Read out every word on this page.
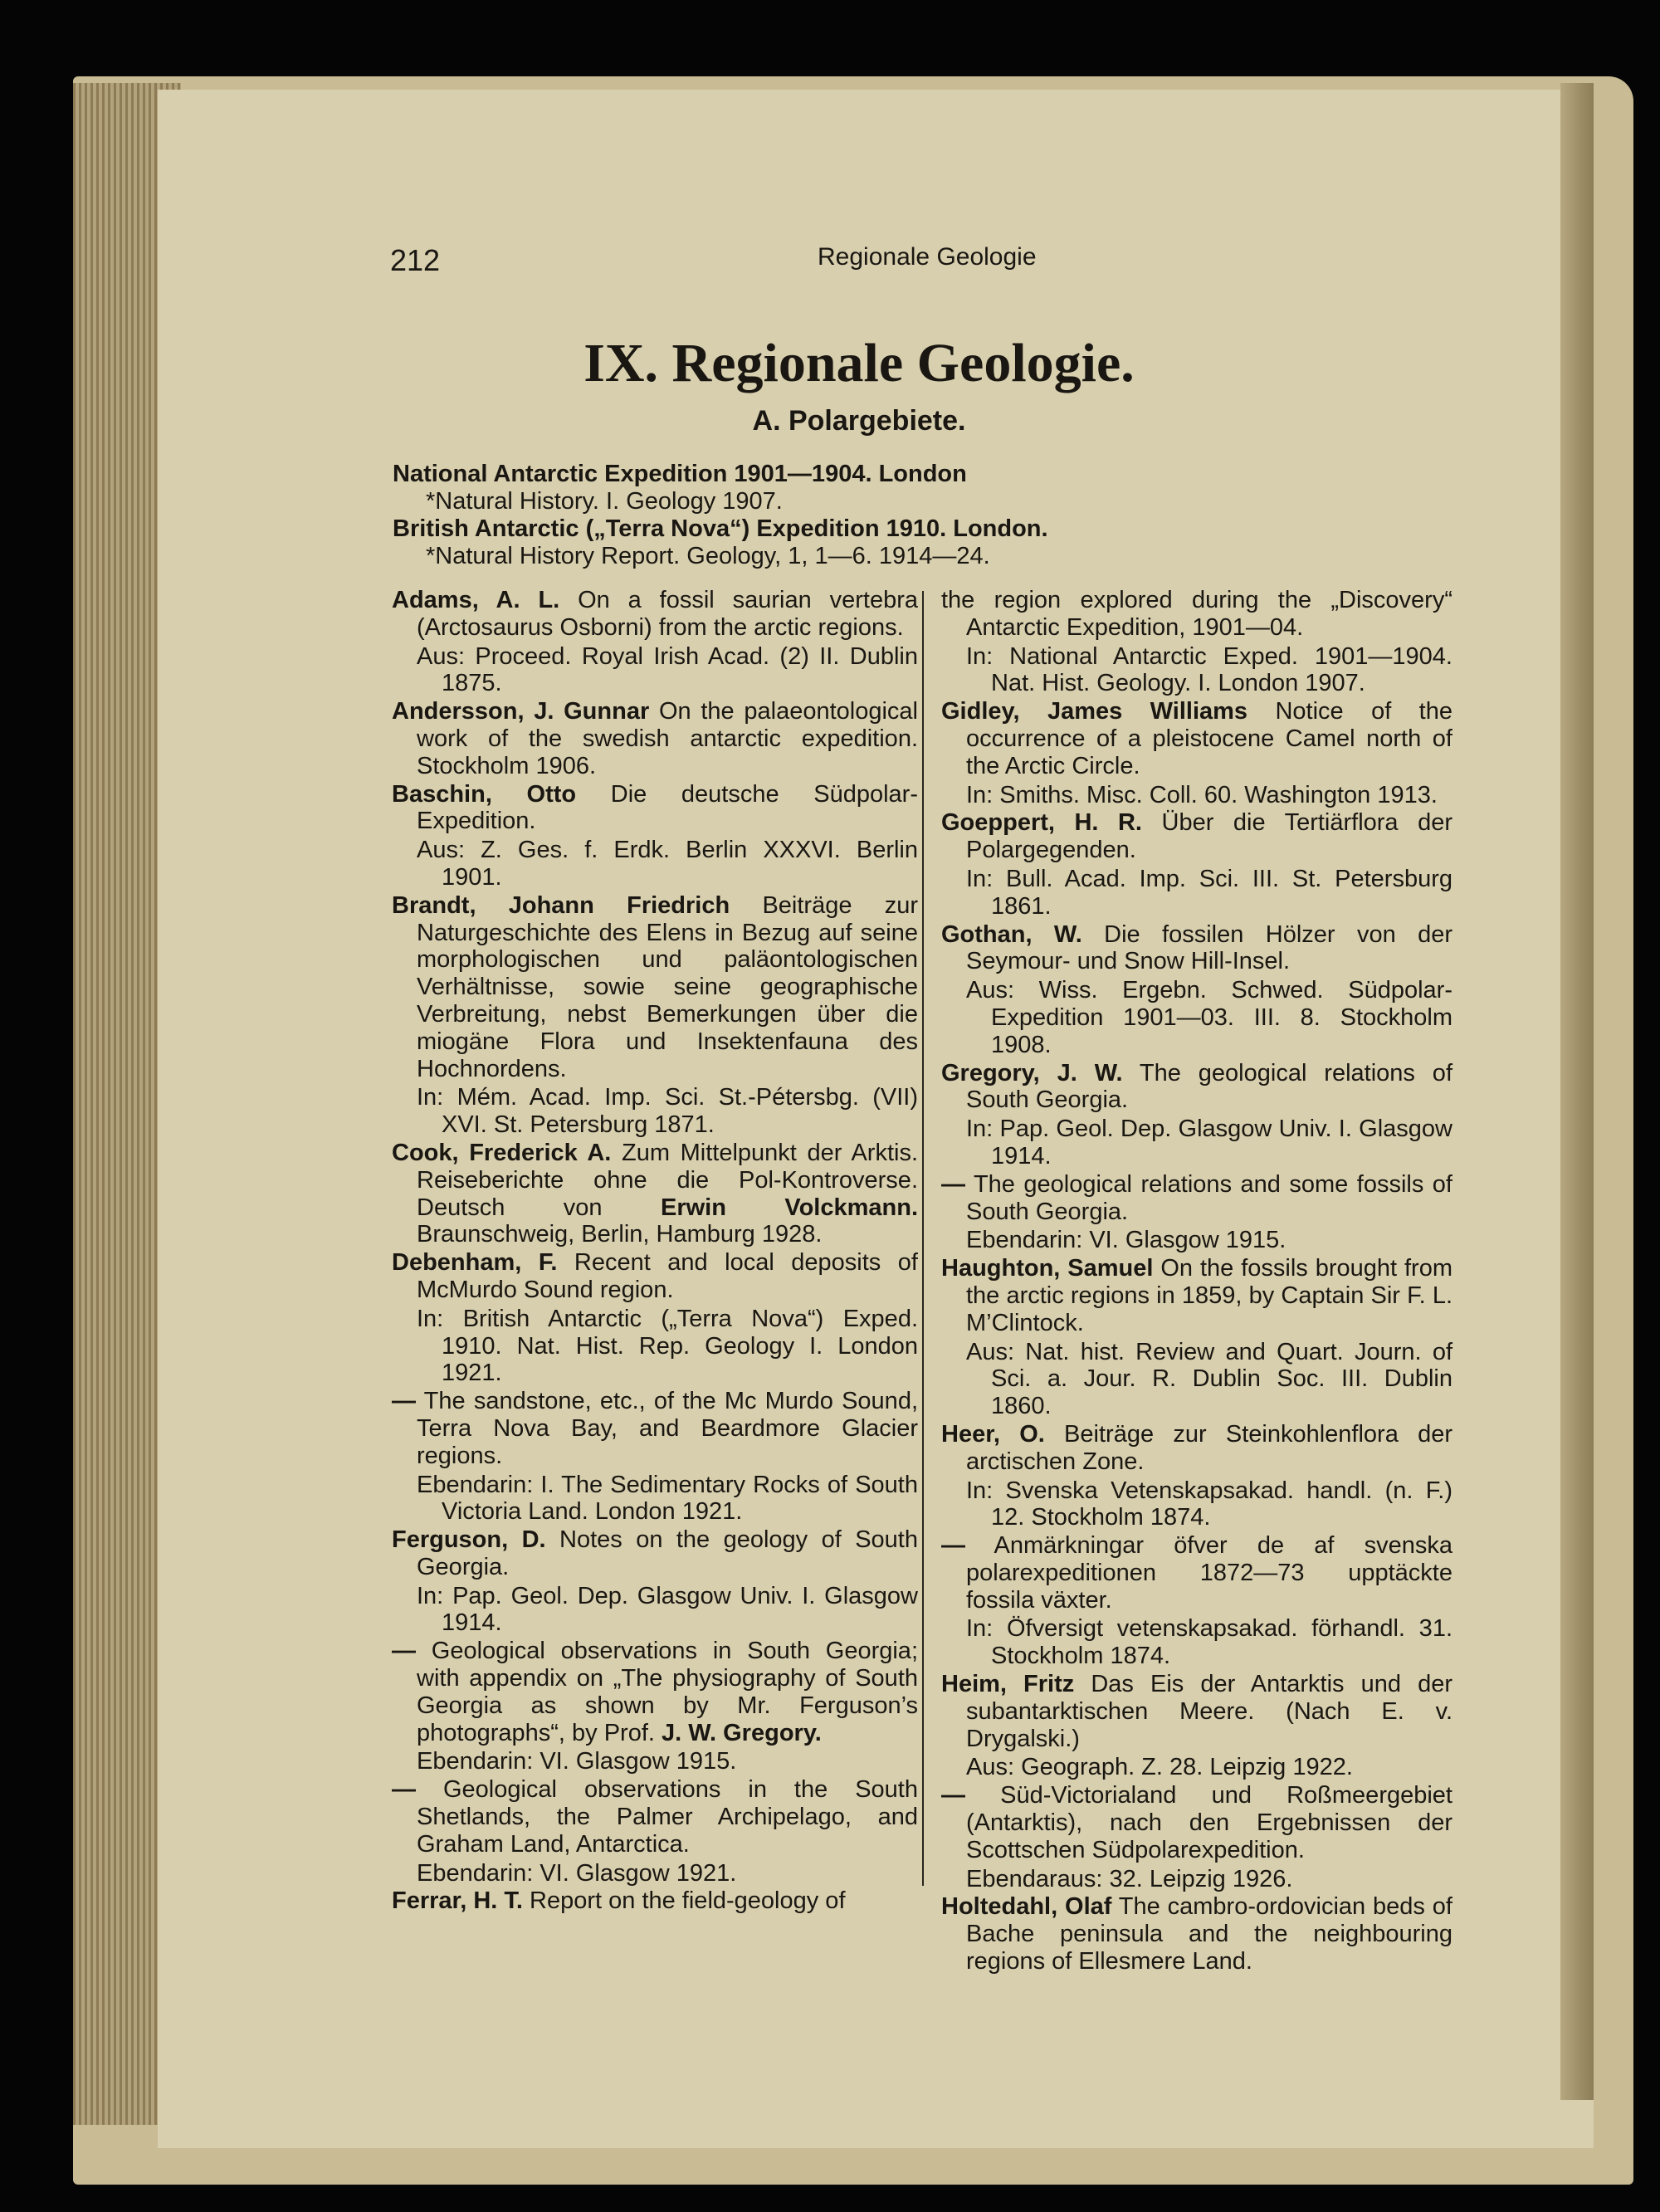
212	Regionale Geologie
IX. Regionale Geologie.
A. Polargebiete.
National Antarctic Expedition 1901—1904. London
*Natural History. I. Geology 1907.
British Antarctic („Terra Nova“) Expedition 1910. London.
*Natural History Report. Geology, 1, 1—6. 1914—24.

Adams, A. L. On a fossil saurian vertebra (Arctosaurus Osborni) from the arctic regions.

Aus: Proceed. Royal Irish Acad. (2) II. Dublin 1875.

Andersson, J. Gunnar On the palaeontological work of the swedish antarctic expedition. Stockholm 1906.

Baschin, Otto Die deutsche Südpolar-Expedition.

Aus: Z. Ges. f. Erdk. Berlin XXXVI. Berlin 1901.

Brandt, Johann Friedrich Beiträge zur Naturgeschichte des Elens in Bezug auf seine morphologischen und paläontologischen Verhältnisse, sowie seine geographische Verbreitung, nebst Bemerkungen über die miogäne Flora und Insektenfauna des Hochnordens.

In: Mém. Acad. Imp. Sci. St.-Pétersbg. (VII) XVI. St. Petersburg 1871.

Cook, Frederick A. Zum Mittelpunkt der Arktis. Reiseberichte ohne die Pol-Kontroverse. Deutsch von Erwin Volckmann. Braunschweig, Berlin, Hamburg 1928.

Debenham, F. Recent and local deposits of McMurdo Sound region.

In: British Antarctic („Terra Nova“) Exped. 1910. Nat. Hist. Rep. Geology I. London 1921.

— The sandstone, etc., of the Mc Murdo Sound, Terra Nova Bay, and Beardmore Glacier regions.

Ebendarin: I. The Sedimentary Rocks of South Victoria Land. London 1921.

Ferguson, D. Notes on the geology of South Georgia.

In: Pap. Geol. Dep. Glasgow Univ. I. Glasgow 1914.

— Geological observations in South Georgia; with appendix on „The physiography of South Georgia as shown by Mr. Ferguson’s photographs“, by Prof. J. W. Gregory.

Ebendarin: VI. Glasgow 1915.

— Geological observations in the South Shetlands, the Palmer Archipelago, and Graham Land, Antarctica.

Ebendarin: VI. Glasgow 1921.

Ferrar, H. T. Report on the field-geology of

the region explored during the „Discovery“ Antarctic Expedition, 1901—04.

In: National Antarctic Exped. 1901—1904. Nat. Hist. Geology. I. London 1907.

Gidley, James Williams Notice of the occurrence of a pleistocene Camel north of the Arctic Circle.

In: Smiths. Misc. Coll. 60. Washington 1913.

Goeppert, H. R. Über die Tertiärflora der Polargegenden.

In: Bull. Acad. Imp. Sci. III. St. Petersburg 1861.

Gothan, W. Die fossilen Hölzer von der Seymour- und Snow Hill-Insel.

Aus: Wiss. Ergebn. Schwed. Südpolar-Expedition 1901—03. III. 8. Stockholm 1908.

Gregory, J. W. The geological relations of South Georgia.

In: Pap. Geol. Dep. Glasgow Univ. I. Glasgow 1914.

— The geological relations and some fossils of South Georgia.

Ebendarin: VI. Glasgow 1915.

Haughton, Samuel On the fossils brought from the arctic regions in 1859, by Captain Sir F. L. M’Clintock.

Aus: Nat. hist. Review and Quart. Journ. of Sci. a. Jour. R. Dublin Soc. III. Dublin 1860.

Heer, O. Beiträge zur Steinkohlenflora der arctischen Zone.

In: Svenska Vetenskapsakad. handl. (n. F.) 12. Stockholm 1874.

— Anmärkningar öfver de af svenska polarexpeditionen 1872—73 upptäckte fossila växter.

In: Öfversigt vetenskapsakad. förhandl. 31. Stockholm 1874.

Heim, Fritz Das Eis der Antarktis und der subantarktischen Meere. (Nach E. v. Drygalski.)

Aus: Geograph. Z. 28. Leipzig 1922.

— Süd-Victorialand und Roßmeergebiet (Antarktis), nach den Ergebnissen der Scottschen Südpolarexpedition.

Ebendaraus: 32. Leipzig 1926.

Holtedahl, Olaf The cambro-ordovician beds of Bache peninsula and the neighbouring regions of Ellesmere Land.
